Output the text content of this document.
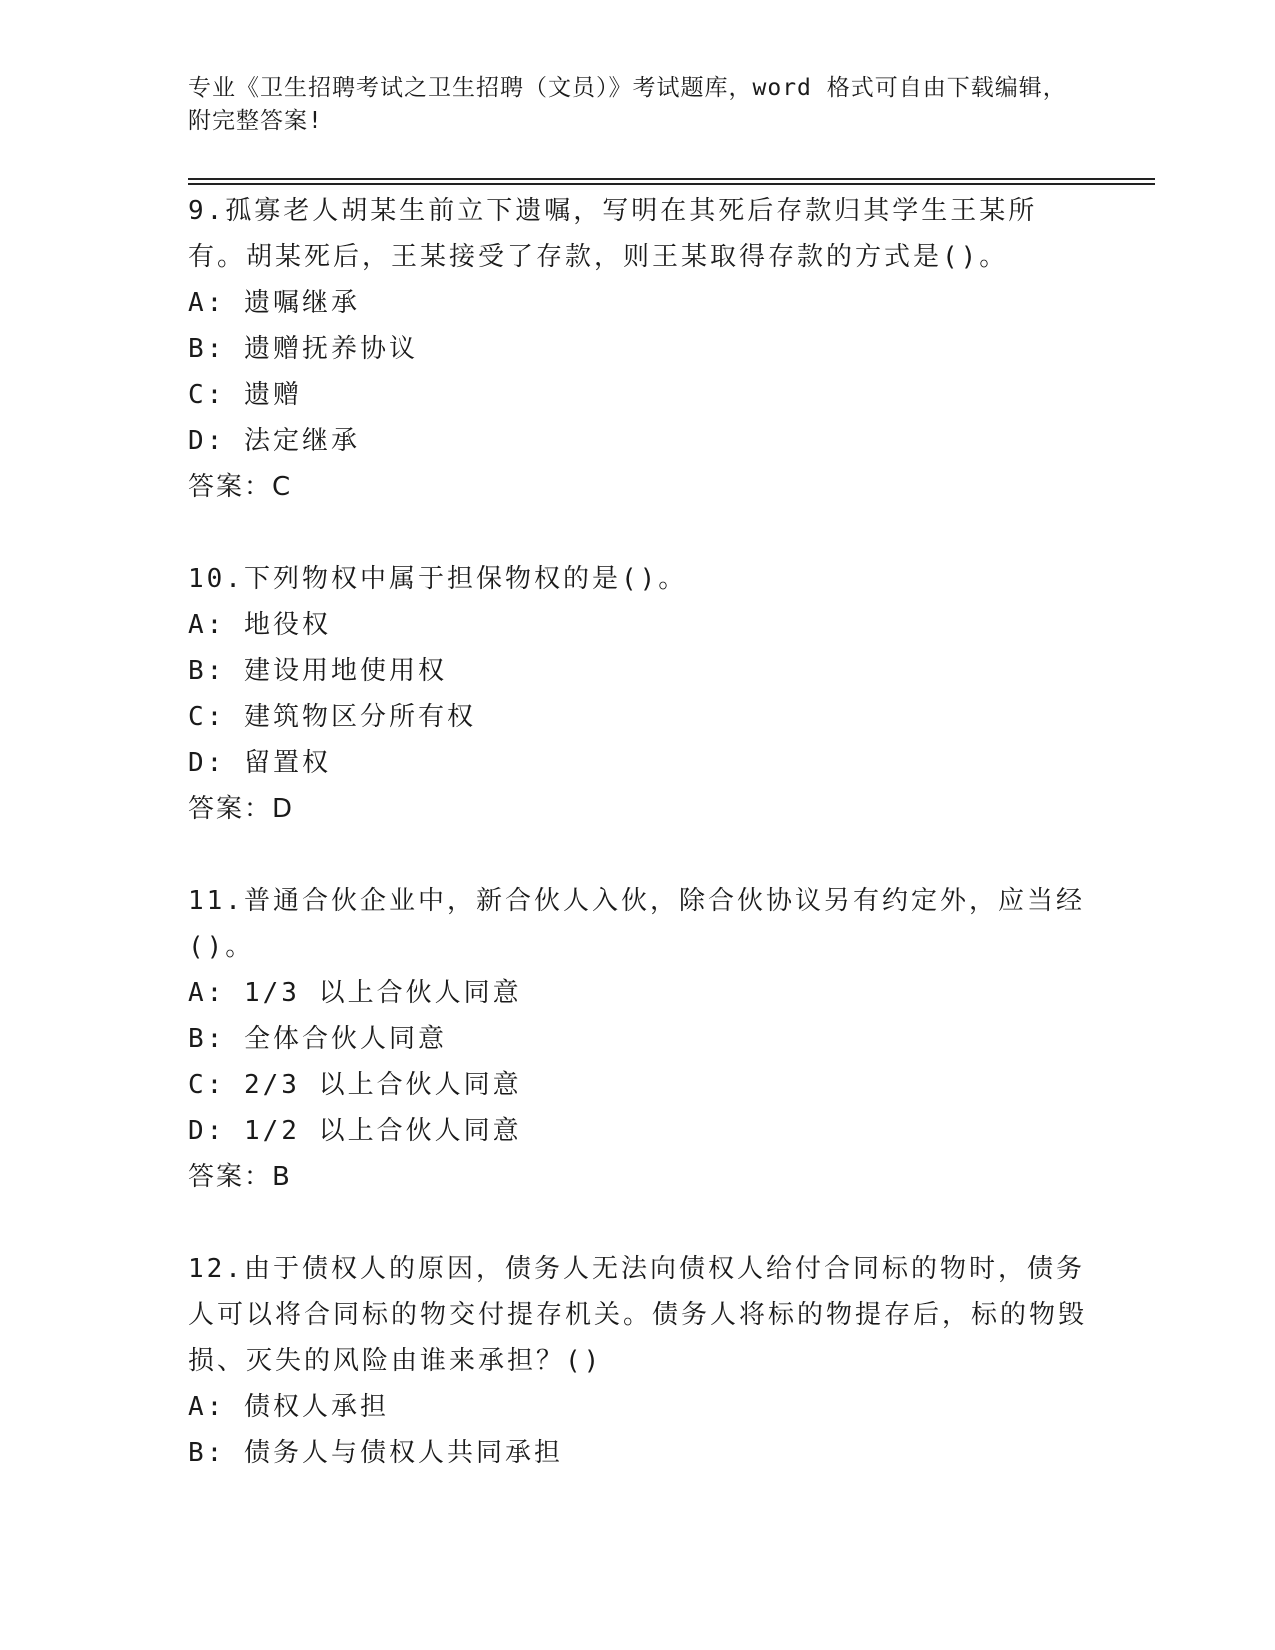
专业《卫生招聘考试之卫生招聘（文员）》考试题库，word 格式可自由下载编辑，附完整答案!

9.孤寡老人胡某生前立下遗嘱，写明在其死后存款归其学生王某所有。胡某死后，王某接受了存款，则王某取得存款的方式是()。

A: 遗嘱继承

B: 遗赠抚养协议

C: 遗赠

D: 法定继承

答案：C

10.下列物权中属于担保物权的是()。

A: 地役权

B: 建设用地使用权

C: 建筑物区分所有权

D: 留置权

答案：D

11.普通合伙企业中，新合伙人入伙，除合伙协议另有约定外，应当经()。

A: 1/3 以上合伙人同意

B: 全体合伙人同意

C: 2/3 以上合伙人同意

D: 1/2 以上合伙人同意

答案：B

12.由于债权人的原因，债务人无法向债权人给付合同标的物时，债务人可以将合同标的物交付提存机关。债务人将标的物提存后，标的物毁损、灭失的风险由谁来承担？()

A: 债权人承担

B: 债务人与债权人共同承担
